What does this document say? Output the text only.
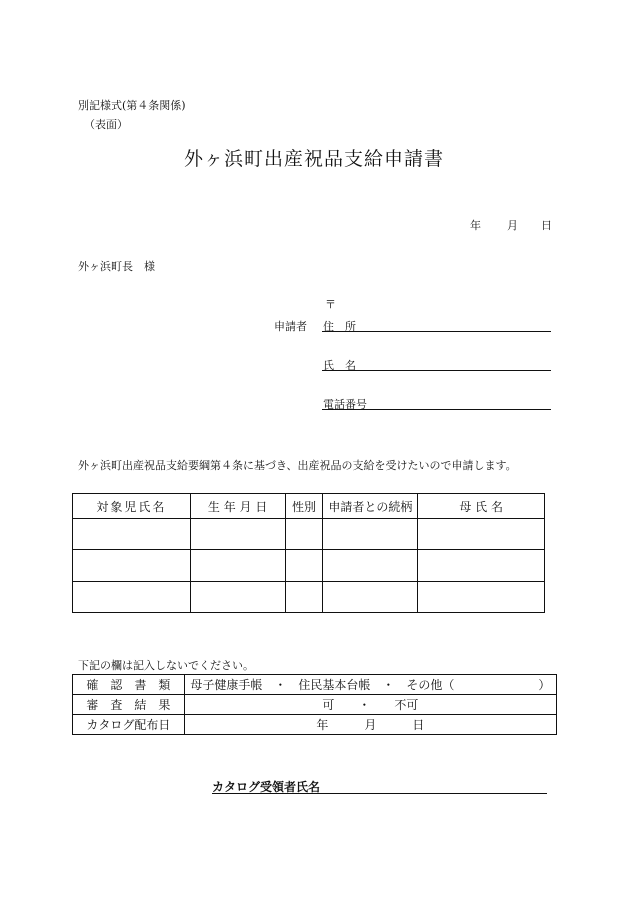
別記様式(第４条関係)
（表面）
外ヶ浜町出産祝品支給申請書
年 月 日
外ヶ浜町長　様
〒
申請者 住　所
氏　名
電話番号
外ヶ浜町出産祝品支給要綱第４条に基づき、出産祝品の支給を受けたいので申請します。
対象児氏名	生 年 月 日	性別	申請者との続柄	母 氏 名

下記の欄は記入しないでください。
確　認　書　類	母子健康手帳　・　住民基本台帳　・　その他（　　　　　　　）
審　査　結　果	可　　・　　不可
カタログ配布日	年　　　月　　　日
カタログ受領者氏名
